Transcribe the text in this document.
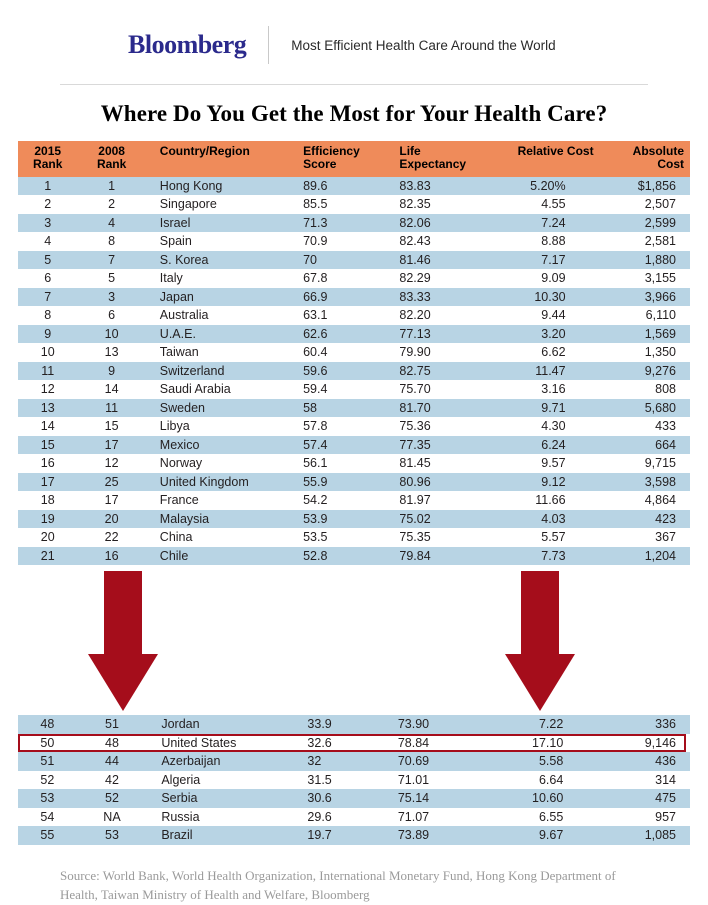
Bloomberg	Most Efficient Health Care Around the World
Where Do You Get the Most for Your Health Care?
2015 Rank	2008 Rank	Country/Region	Efficiency Score	Life Expectancy	Relative Cost	Absolute Cost
1	1	Hong Kong	89.6	83.83	5.20%	$1,856
2	2	Singapore	85.5	82.35	4.55	2,507
3	4	Israel	71.3	82.06	7.24	2,599
4	8	Spain	70.9	82.43	8.88	2,581
5	7	S. Korea	70	81.46	7.17	1,880
6	5	Italy	67.8	82.29	9.09	3,155
7	3	Japan	66.9	83.33	10.30	3,966
8	6	Australia	63.1	82.20	9.44	6,110
9	10	U.A.E.	62.6	77.13	3.20	1,569
10	13	Taiwan	60.4	79.90	6.62	1,350
11	9	Switzerland	59.6	82.75	11.47	9,276
12	14	Saudi Arabia	59.4	75.70	3.16	808
13	11	Sweden	58	81.70	9.71	5,680
14	15	Libya	57.8	75.36	4.30	433
15	17	Mexico	57.4	77.35	6.24	664
16	12	Norway	56.1	81.45	9.57	9,715
17	25	United Kingdom	55.9	80.96	9.12	3,598
18	17	France	54.2	81.97	11.66	4,864
19	20	Malaysia	53.9	75.02	4.03	423
20	22	China	53.5	75.35	5.57	367
21	16	Chile	52.8	79.84	7.73	1,204
48	51	Jordan	33.9	73.90	7.22	336
50	48	United States	32.6	78.84	17.10	9,146
51	44	Azerbaijan	32	70.69	5.58	436
52	42	Algeria	31.5	71.01	6.64	314
53	52	Serbia	30.6	75.14	10.60	475
54	NA	Russia	29.6	71.07	6.55	957
55	53	Brazil	19.7	73.89	9.67	1,085
Source: World Bank, World Health Organization, International Monetary Fund, Hong Kong Department of Health, Taiwan Ministry of Health and Welfare, Bloomberg
